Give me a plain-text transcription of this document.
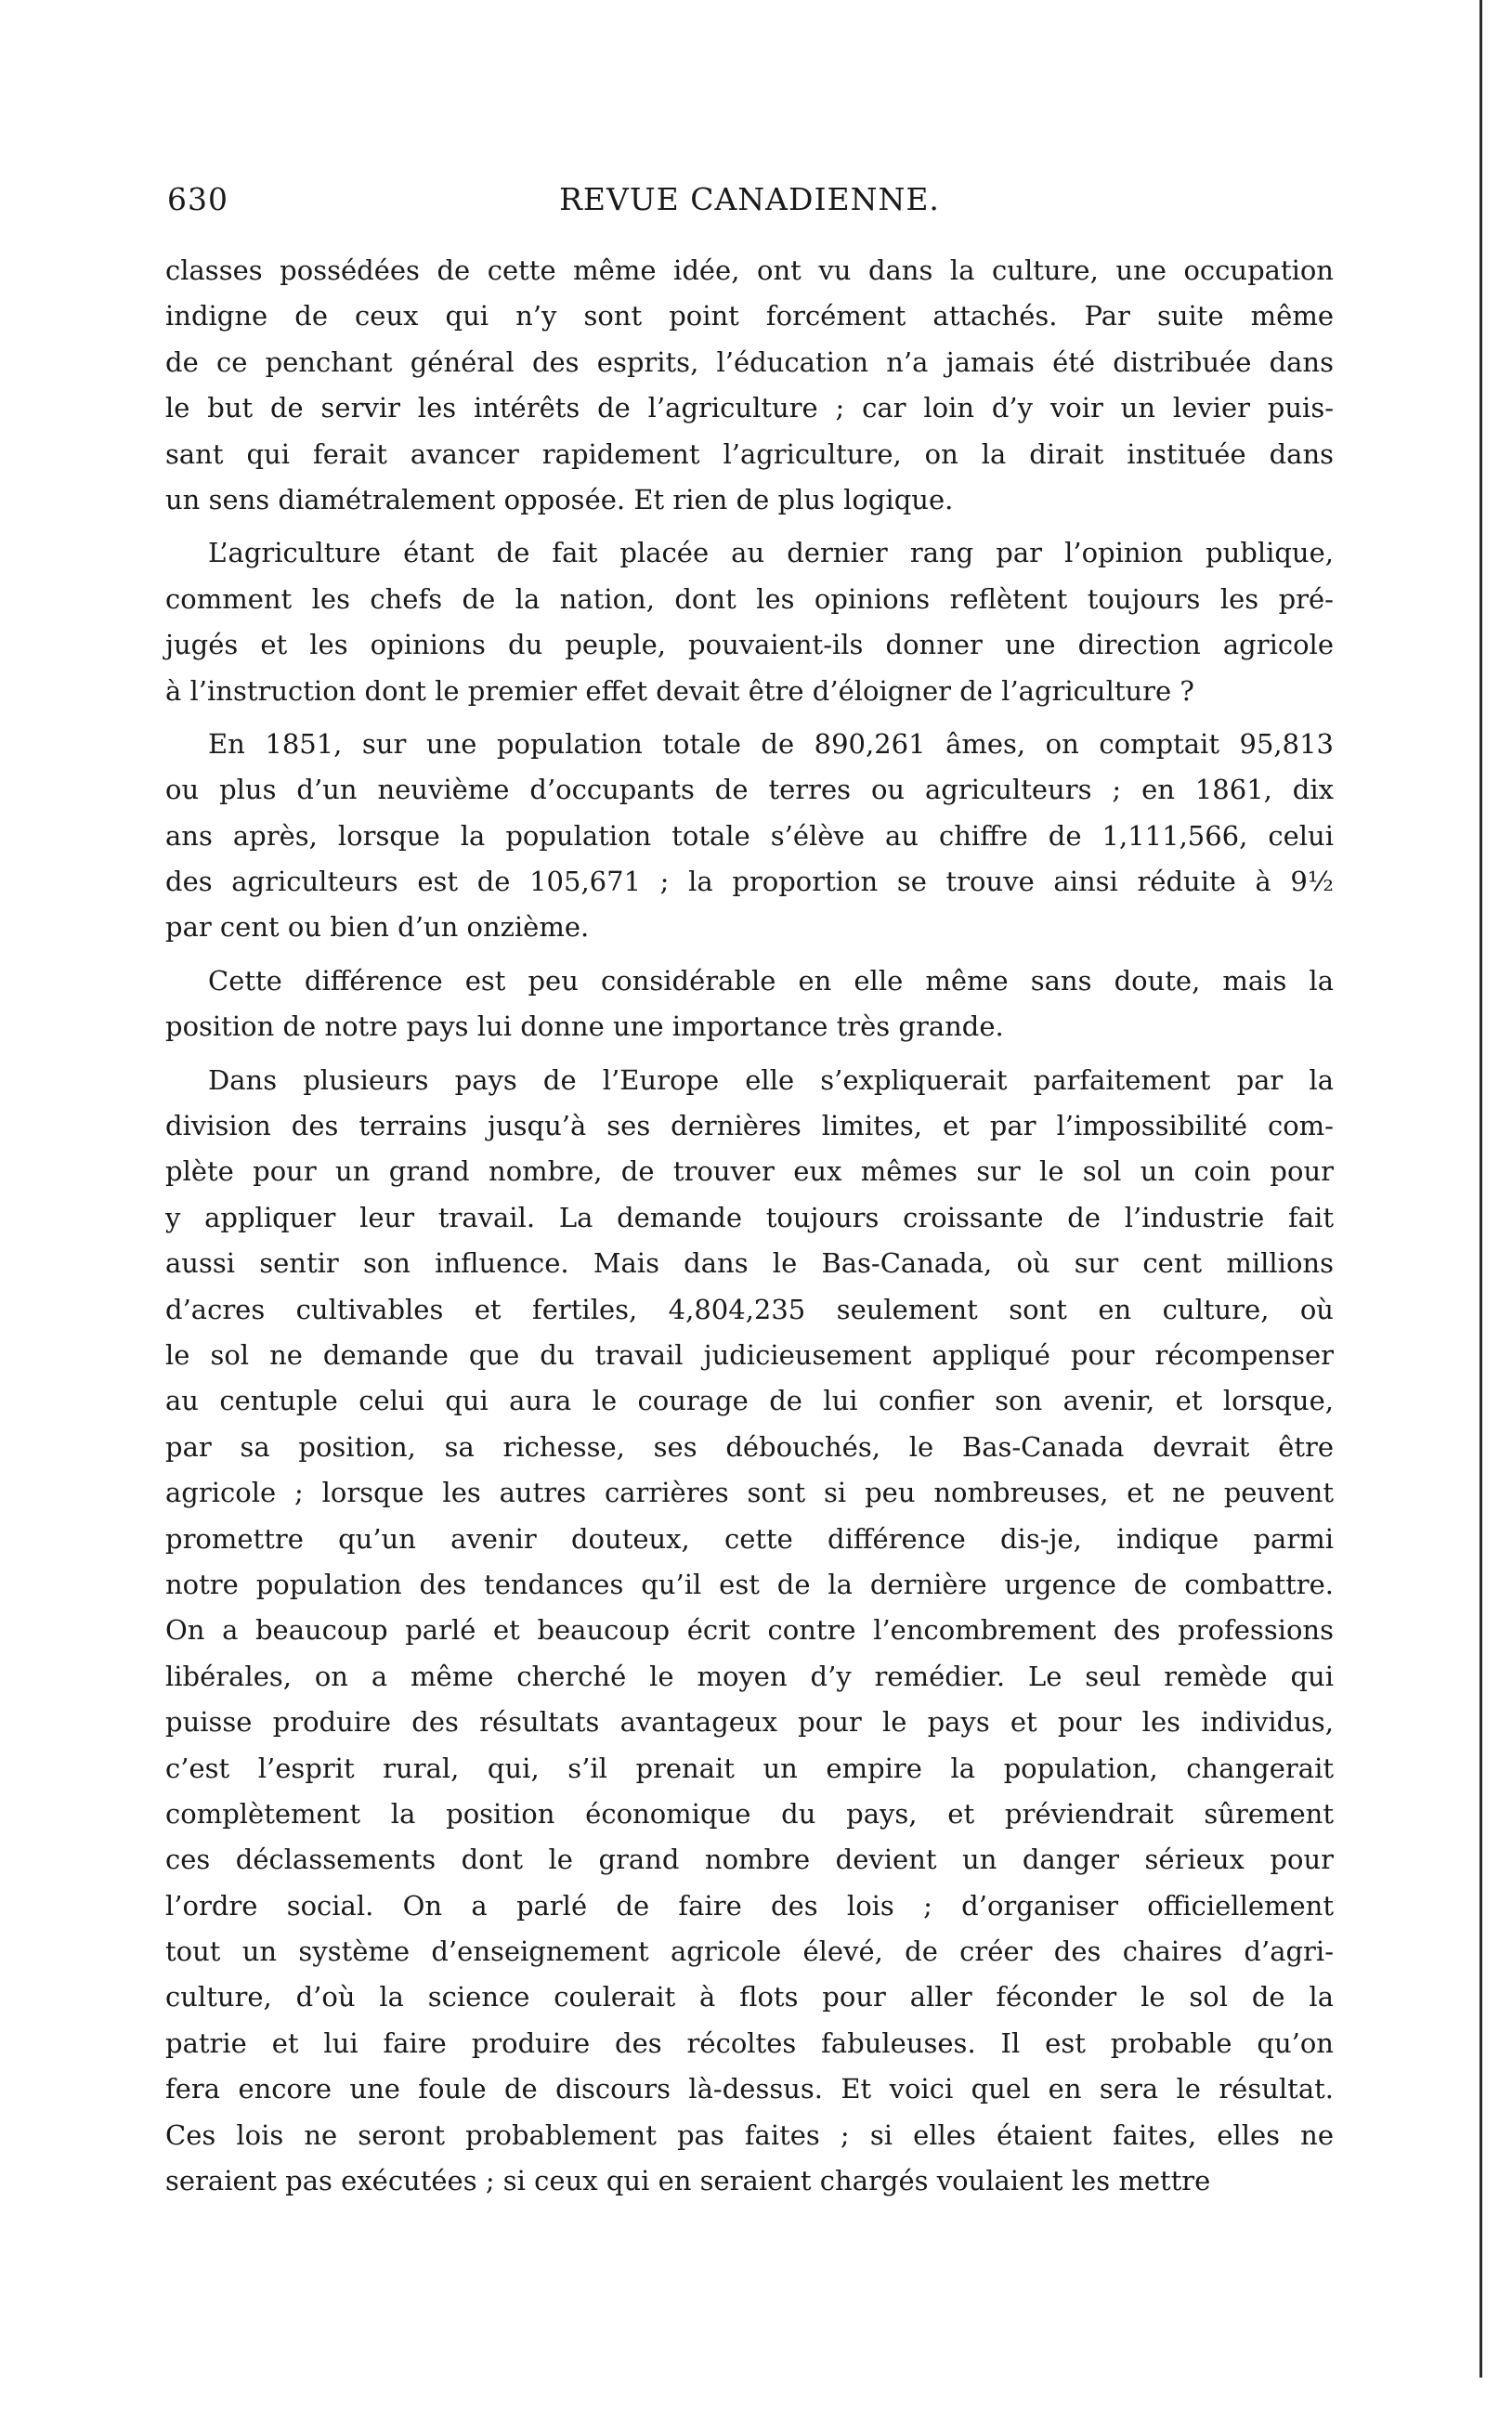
630	REVUE CANADIENNE.
classes possédées de cette même idée, ont vu dans la culture, une occupation
indigne de ceux qui n’y sont point forcément attachés. Par suite même
de ce penchant général des esprits, l’éducation n’a jamais été distribuée dans
le but de servir les intérêts de l’agriculture ; car loin d’y voir un levier puis-
sant qui ferait avancer rapidement l’agriculture, on la dirait instituée dans
un sens diamétralement opposée. Et rien de plus logique.
L’agriculture étant de fait placée au dernier rang par l’opinion publique,
comment les chefs de la nation, dont les opinions reflètent toujours les pré-
jugés et les opinions du peuple, pouvaient-ils donner une direction agricole
à l’instruction dont le premier effet devait être d’éloigner de l’agriculture ?
En 1851, sur une population totale de 890,261 âmes, on comptait 95,813
ou plus d’un neuvième d’occupants de terres ou agriculteurs ; en 1861, dix
ans après, lorsque la population totale s’élève au chiffre de 1,111,566, celui
des agriculteurs est de 105,671 ; la proportion se trouve ainsi réduite à 9½
par cent ou bien d’un onzième.
Cette différence est peu considérable en elle même sans doute, mais la
position de notre pays lui donne une importance très grande.
Dans plusieurs pays de l’Europe elle s’expliquerait parfaitement par la
division des terrains jusqu’à ses dernières limites, et par l’impossibilité com-
plète pour un grand nombre, de trouver eux mêmes sur le sol un coin pour
y appliquer leur travail. La demande toujours croissante de l’industrie fait
aussi sentir son influence. Mais dans le Bas-Canada, où sur cent millions
d’acres cultivables et fertiles, 4,804,235 seulement sont en culture, où
le sol ne demande que du travail judicieusement appliqué pour récompenser
au centuple celui qui aura le courage de lui confier son avenir, et lorsque,
par sa position, sa richesse, ses débouchés, le Bas-Canada devrait être
agricole ; lorsque les autres carrières sont si peu nombreuses, et ne peuvent
promettre qu’un avenir douteux, cette différence dis-je, indique parmi
notre population des tendances qu’il est de la dernière urgence de combattre.
On a beaucoup parlé et beaucoup écrit contre l’encombrement des professions
libérales, on a même cherché le moyen d’y remédier. Le seul remède qui
puisse produire des résultats avantageux pour le pays et pour les individus,
c’est l’esprit rural, qui, s’il prenait un empire la population, changerait
complètement la position économique du pays, et préviendrait sûrement
ces déclassements dont le grand nombre devient un danger sérieux pour
l’ordre social. On a parlé de faire des lois ; d’organiser officiellement
tout un système d’enseignement agricole élevé, de créer des chaires d’agri-
culture, d’où la science coulerait à flots pour aller féconder le sol de la
patrie et lui faire produire des récoltes fabuleuses. Il est probable qu’on
fera encore une foule de discours là-dessus. Et voici quel en sera le résultat.
Ces lois ne seront probablement pas faites ; si elles étaient faites, elles ne
seraient pas exécutées ; si ceux qui en seraient chargés voulaient les mettre
